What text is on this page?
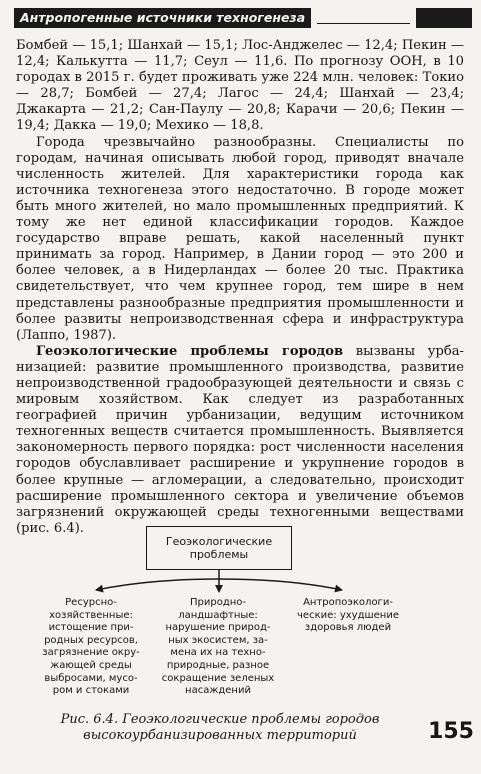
Антропогенные источники техногенеза

Бомбей — 15,1; Шанхай — 15,1; Лос-Анджелес — 12,4; Пекин — 12,4; Калькутта — 11,7; Сеул — 11,6. По прогнозу ООН, в 10 городах в 2015 г. будет проживать уже 224 млн. человек: Токио — 28,7; Бомбей — 27,4; Лагос — 24,4; Шанхай — 23,4; Джакарта — 21,2; Сан-Паулу — 20,8; Карачи — 20,6; Пекин — 19,4; Дакка — 19,0; Мехико — 18,8.

Города чрезвычайно разнообразны. Специалисты по городам, начиная описывать любой город, приводят вначале численность жителей. Для характеристики города как источника техногенеза этого недостаточно. В городе может быть много жителей, но мало промышленных предприятий. К тому же нет единой классификации городов. Каждое государство вправе решать, какой населенный пункт принимать за город. Например, в Дании город — это 200 и более человек, а в Нидерландах — более 20 тыс. Практика свидетельствует, что чем крупнее город, тем шире в нем представлены разнообразные предприятия промышленности и более развиты непроизводственная сфера и инфраструктура (Лаппо, 1987).

Геоэкологические проблемы городов вызваны урбанизацией: развитие промышленного производства, развитие непроизводственной градообразующей деятельности и связь с мировым хозяйством. Как следует из разработанных географией причин урбанизации, ведущим источником техногенных веществ считается промышленность. Выявляется закономерность первого порядка: рост численности населения городов обуславливает расширение и укрупнение городов в более крупные — агломерации, а следовательно, происходит расширение промышленного сектора и увеличение объемов загрязнений окружающей среды техногенными веществами (рис. 6.4).

Геоэкологические
проблемы
Ресурсно-
хозяйственные:
истощение при-
родных ресурсов,
загрязнение окру-
жающей среды
выбросами, мусо-
ром и стоками
Природно-
ландшафтные:
нарушение природ-
ных экосистем, за-
мена их на техно-
природные, разное
сокращение зеленых
насаждений
Антропоэкологи-
ческие: ухудшение
здоровья людей
Рис. 6.4. Геоэкологические проблемы городов высокоурбанизированных территорий	155
